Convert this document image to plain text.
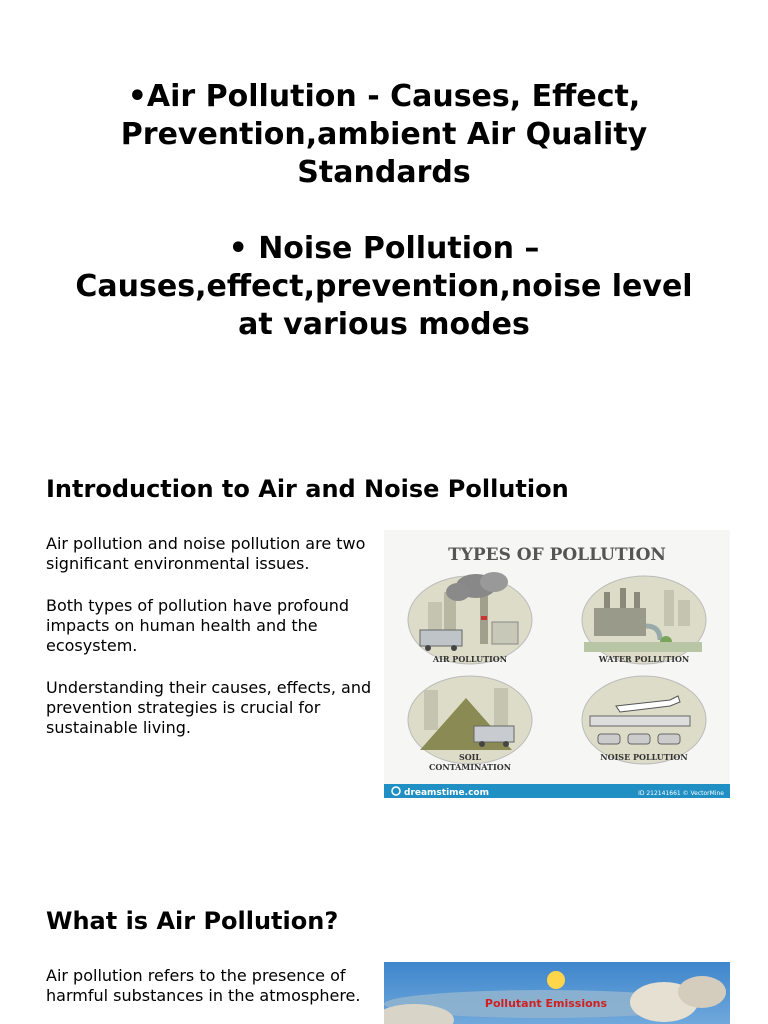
•Air Pollution - Causes, Effect,
Prevention,ambient Air Quality
Standards
• Noise Pollution –
Causes,effect,prevention,noise level
at various modes
Introduction to Air and Noise Pollution

Air pollution and noise pollution are two significant environmental issues.

Both types of pollution have profound impacts on human health and the ecosystem.

Understanding their causes, effects, and prevention strategies is crucial for sustainable living.

TYPES OF POLLUTION
AIR POLLUTION	WATER POLLUTION
SOIL
CONTAMINATION
NOISE POLLUTION
dreamstime.com	ID 212141661 © VectorMine
What is Air Pollution?

Air pollution refers to the presence of harmful substances in the atmosphere.	Pollutant Emissions
